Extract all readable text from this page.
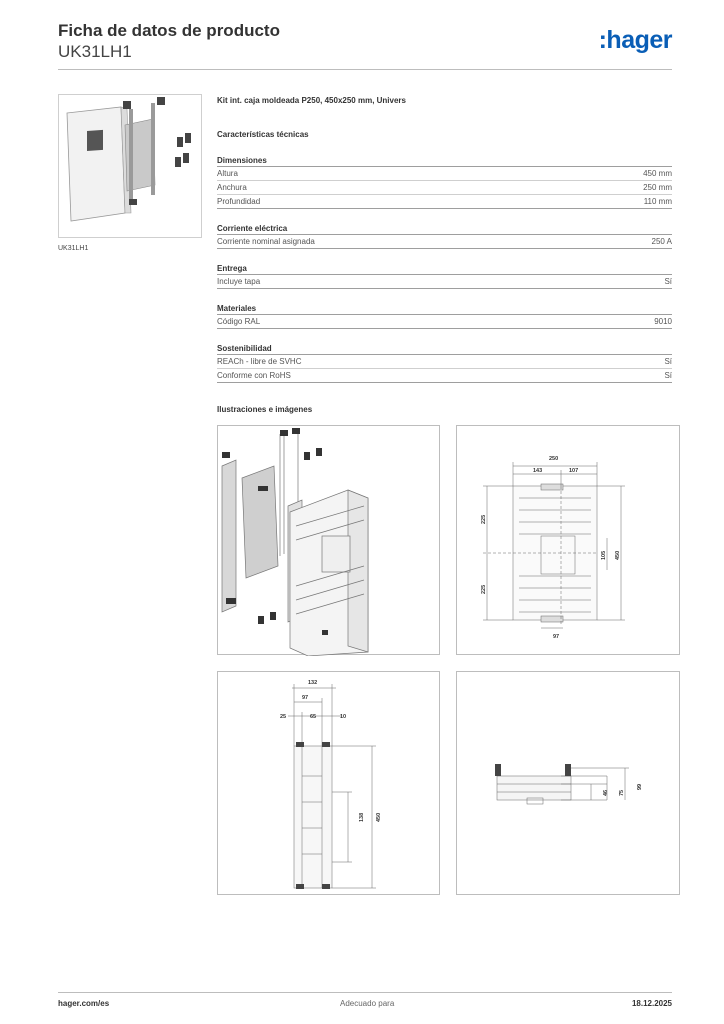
Ficha de datos de producto
UK31LH1	:hager
UK31LH1
Kit int. caja moldeada P250, 450x250 mm, Univers
Características técnicas
Dimensiones
Altura	450 mm
Anchura	250 mm
Profundidad	110 mm
Corriente eléctrica
Corriente nominal asignada	250 A
Entrega
Incluye tapa	Sí
Materiales
Código RAL	9010
Sostenibilidad
REACh - libre de SVHC	Sí
Conforme con RoHS	Sí
Ilustraciones e imágenes
250
143	107
225
225
105 450
97
132
97
25	65	10
138 450
46 75
99
hager.com/es	Adecuado para	18.12.2025
